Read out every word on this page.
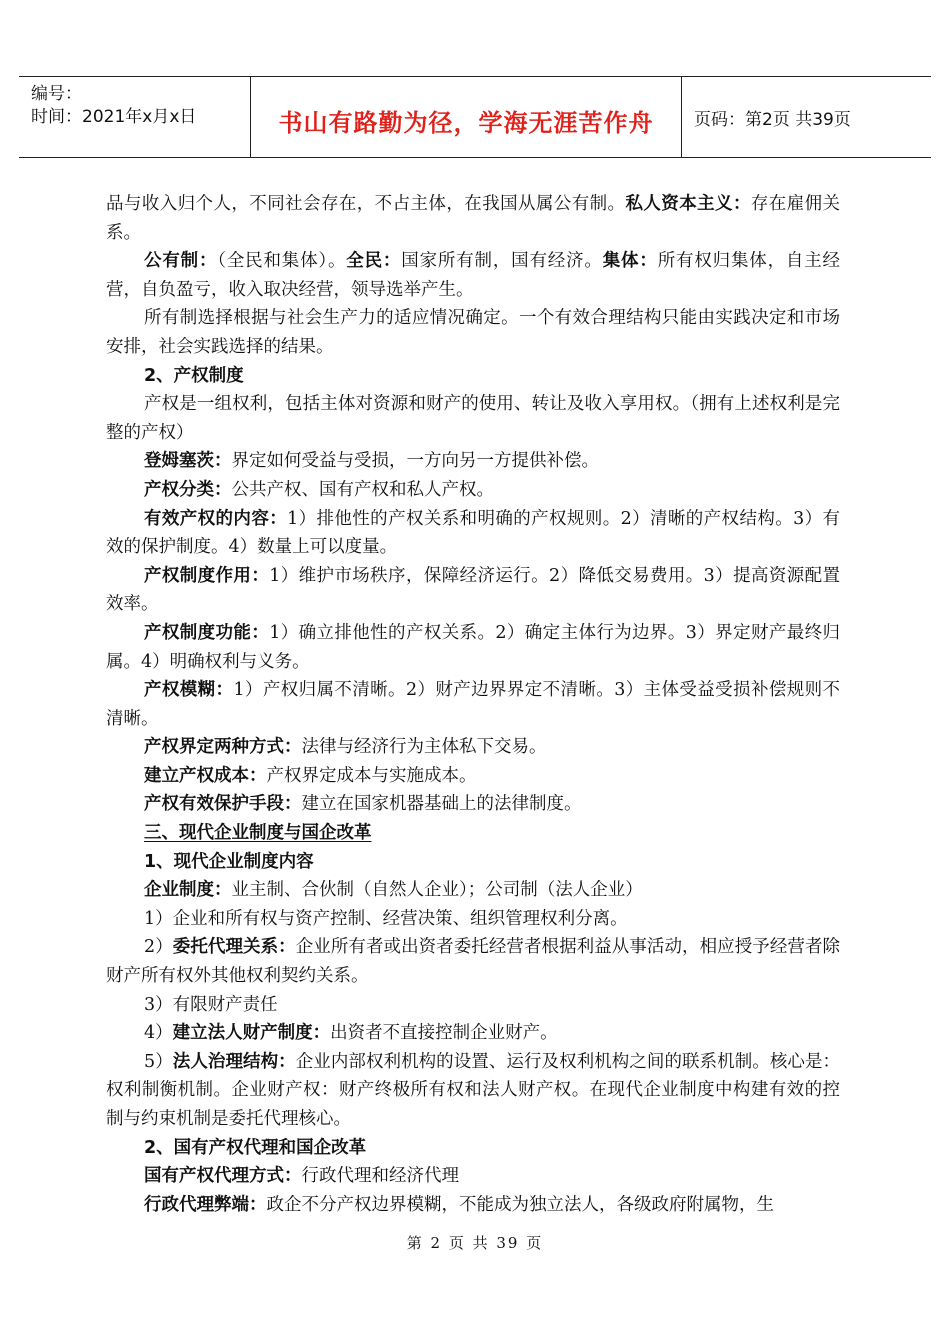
编号：
时间：2021年x月x日	书山有路勤为径，学海无涯苦作舟 页码：第2页 共39页

品与收入归个人，不同社会存在，不占主体，在我国从属公有制。私人资本主义：存在雇佣关系。

公有制：（全民和集体）。全民：国家所有制，国有经济。集体：所有权归集体，自主经营，自负盈亏，收入取决经营，领导选举产生。

所有制选择根据与社会生产力的适应情况确定。一个有效合理结构只能由实践决定和市场安排，社会实践选择的结果。

2、产权制度

产权是一组权利，包括主体对资源和财产的使用、转让及收入享用权。（拥有上述权利是完整的产权）

登姆塞茨：界定如何受益与受损，一方向另一方提供补偿。

产权分类：公共产权、国有产权和私人产权。

有效产权的内容：1）排他性的产权关系和明确的产权规则。2）清晰的产权结构。3）有效的保护制度。4）数量上可以度量。

产权制度作用：1）维护市场秩序，保障经济运行。2）降低交易费用。3）提高资源配置效率。

产权制度功能：1）确立排他性的产权关系。2）确定主体行为边界。3）界定财产最终归属。4）明确权利与义务。

产权模糊：1）产权归属不清晰。2）财产边界界定不清晰。3）主体受益受损补偿规则不清晰。

产权界定两种方式：法律与经济行为主体私下交易。

建立产权成本：产权界定成本与实施成本。

产权有效保护手段：建立在国家机器基础上的法律制度。

三、现代企业制度与国企改革

1、现代企业制度内容

企业制度：业主制、合伙制（自然人企业）；公司制（法人企业）

1）企业和所有权与资产控制、经营决策、组织管理权利分离。

2）委托代理关系：企业所有者或出资者委托经营者根据利益从事活动，相应授予经营者除财产所有权外其他权利契约关系。

3）有限财产责任

4）建立法人财产制度：出资者不直接控制企业财产。

5）法人治理结构：企业内部权利机构的设置、运行及权利机构之间的联系机制。核心是：权利制衡机制。企业财产权：财产终极所有权和法人财产权。在现代企业制度中构建有效的控制与约束机制是委托代理核心。

2、国有产权代理和国企改革

国有产权代理方式：行政代理和经济代理

行政代理弊端：政企不分产权边界模糊，不能成为独立法人，各级政府附属物，生

第 2 页 共 39 页
